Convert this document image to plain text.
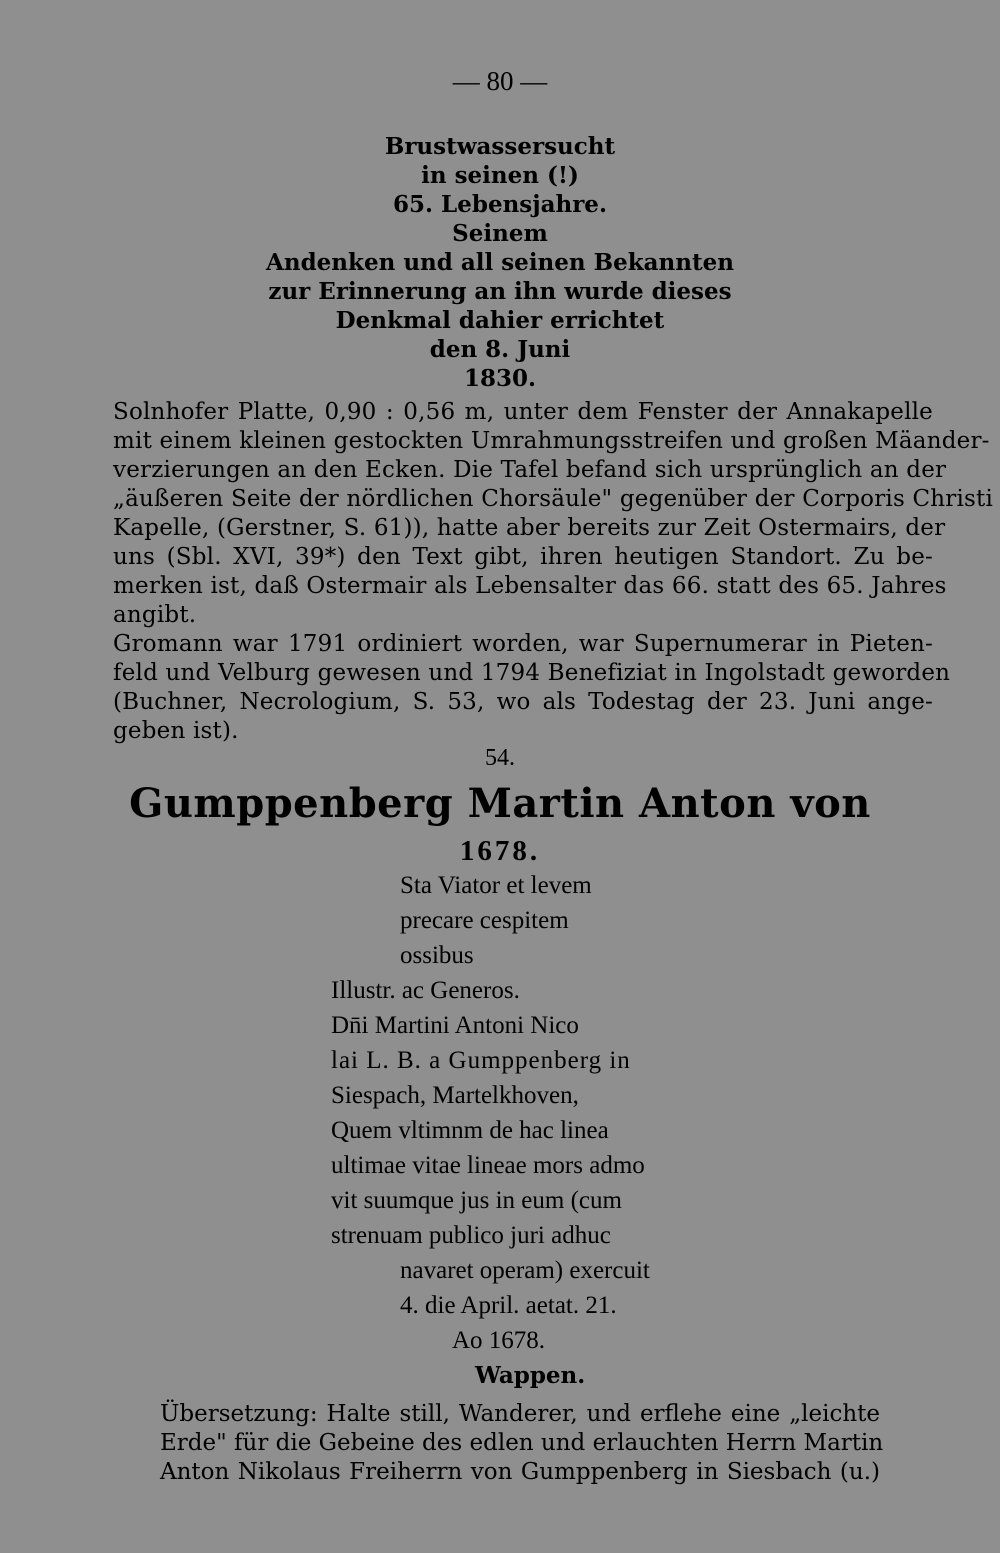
— 80 —
Brustwassersucht
in seinen (!)
65. Lebensjahre.
Seinem
Andenken und all seinen Bekannten
zur Erinnerung an ihn wurde dieses
Denkmal dahier errichtet
den 8. Juni
1830.
Solnhofer Platte, 0,90 : 0,56 m, unter dem Fenster der Annakapelle
mit einem kleinen gestockten Umrahmungsstreifen und großen Mäander-
verzierungen an den Ecken. Die Tafel befand sich ursprünglich an der
„äußeren Seite der nördlichen Chorsäule" gegenüber der Corporis Christi
Kapelle, (Gerstner, S. 61)), hatte aber bereits zur Zeit Ostermairs, der
uns (Sbl. XVI, 39*) den Text gibt, ihren heutigen Standort. Zu be-
merken ist, daß Ostermair als Lebensalter das 66. statt des 65. Jahres
angibt.
Gromann war 1791 ordiniert worden, war Supernumerar in Pieten-
feld und Velburg gewesen und 1794 Benefiziat in Ingolstadt geworden
(Buchner, Necrologium, S. 53, wo als Todestag der 23. Juni ange-
geben ist).
54.
Gumppenberg Martin Anton von
1678.
Sta Viator et levem
precare cespitem
ossibus
Illustr. ac Generos.
Dn̄i Martini Antoni Nico
lai L. B. a Gumppenberg in
Siespach, Martelkhoven,
Quem vltimnm de hac linea
ultimae vitae lineae mors admo
vit suumque jus in eum (cum
strenuam publico juri adhuc
navaret operam) exercuit
4. die April. aetat. 21.
Ao 1678.
Wappen.
Übersetzung: Halte still, Wanderer, und erflehe eine „leichte
Erde" für die Gebeine des edlen und erlauchten Herrn Martin
Anton Nikolaus Freiherrn von Gumppenberg in Siesbach (u.)
